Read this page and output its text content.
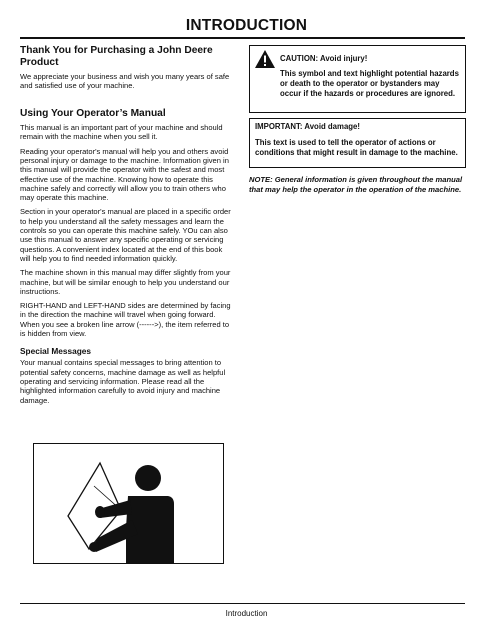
INTRODUCTION
Thank You for Purchasing a John Deere Product

We appreciate your business and wish you many years of safe and satisfied use of your machine.

Using Your Operator’s Manual

This manual is an important part of your machine and should remain with the machine when you sell it.

Reading your operator's manual will help you and others avoid personal injury or damage to the machine. Information given in this manual will provide the operator with the safest and most effective use of the machine. Knowing how to operate this machine safely and correctly will allow you to train others who may operate this machine.

Section in your operator's manual are placed in a specific order to help you understand all the safety messages and learn the controls so you can operate this machine safely. YOu can also use this manual to answer any specific operating or servicing questions. A convenient index located at the end of this book will help you to find needed information quickly.

The machine shown in this manual may differ slightly from your machine, but will be similar enough to help you understand our instructions.

RIGHT-HAND and LEFT-HAND sides are determined by facing in the direction the machine will travel when going forward. When you see a broken line arrow (------>), the item referred to is hidden from view.

Special Messages

Your manual contains special messages to bring attention to potential safety concerns, machine damage as well as helpful operating and servicing information. Please read all the highlighted information carefully to avoid injury and machine damage.

CAUTION: Avoid injury!
This symbol and text highlight potential hazards or death to the operator or bystanders may occur if the hazards or procedures are ignored.
IMPORTANT: Avoid damage!
This text is used to tell the operator of actions or conditions that might result in damage to the machine.
NOTE: General information is given throughout the manual that may help the operator in the operation of the machine.
Introduction
